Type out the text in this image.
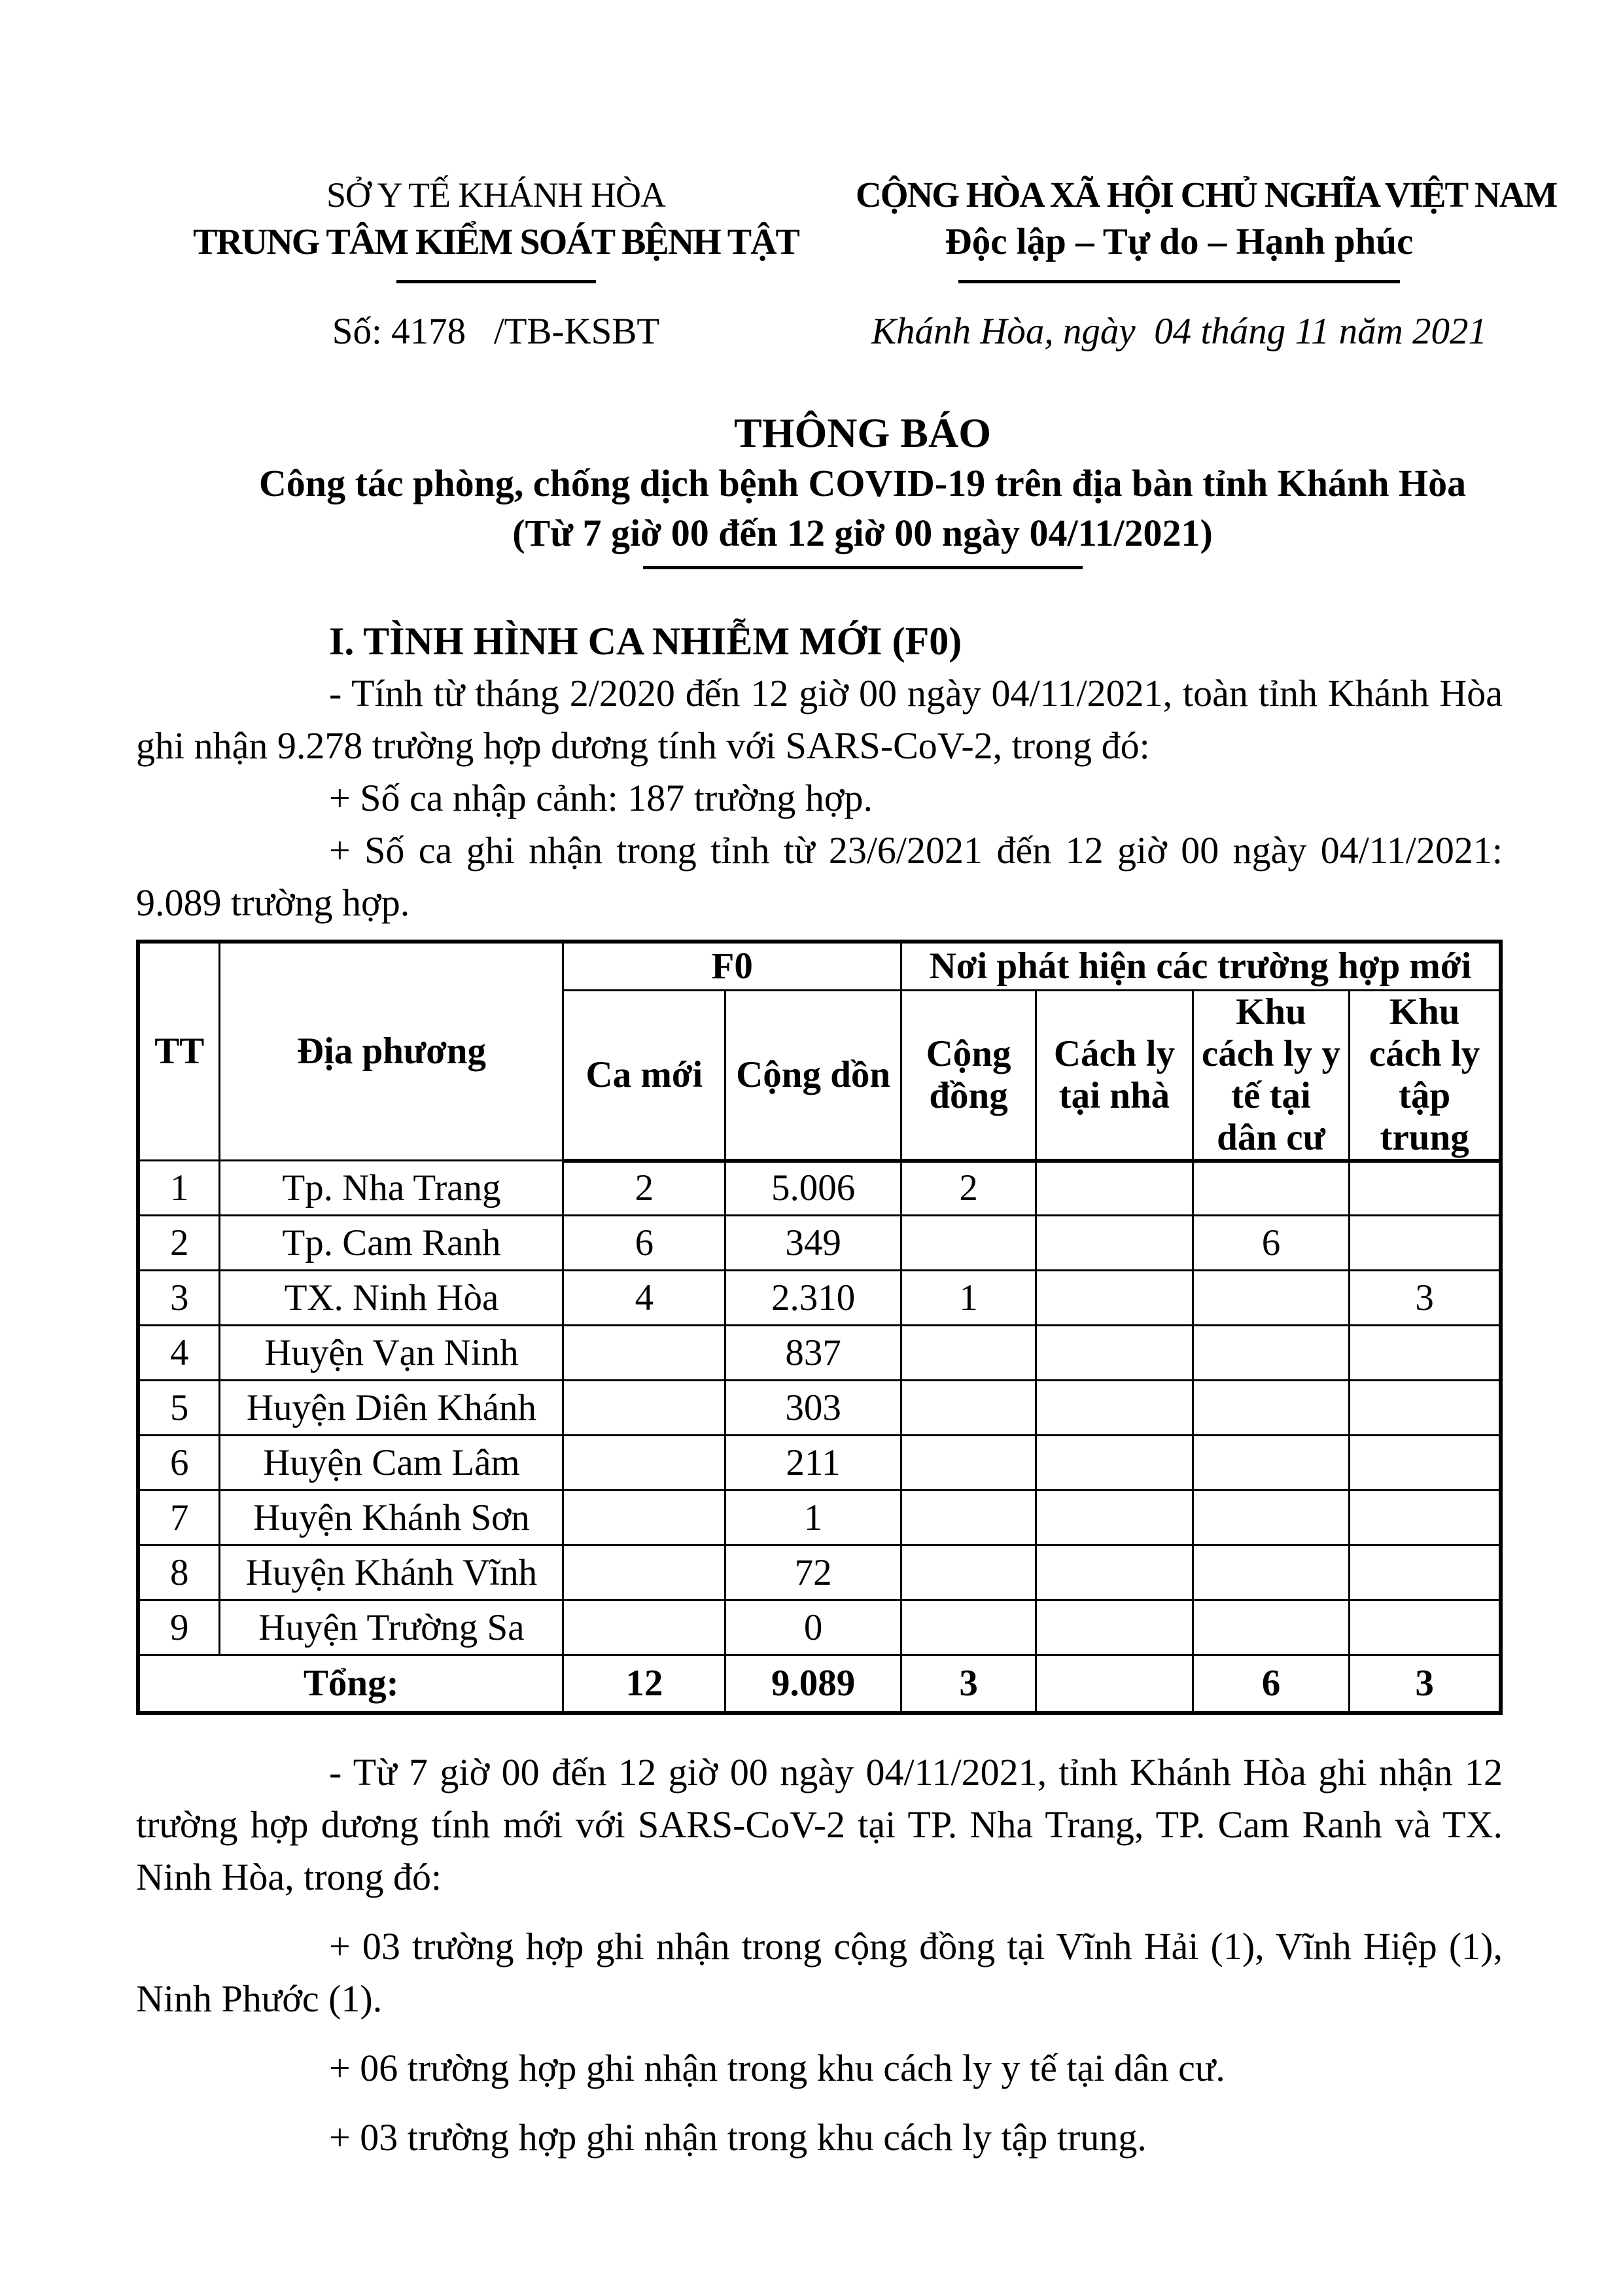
SỞ Y TẾ KHÁNH HÒA
TRUNG TÂM KIỂM SOÁT BỆNH TẬT
CỘNG HÒA XÃ HỘI CHỦ NGHĨA VIỆT NAM
Độc lập – Tự do – Hạnh phúc
Số: 4178   /TB-KSBT	Khánh Hòa, ngày  04 tháng 11 năm 2021
THÔNG BÁO
Công tác phòng, chống dịch bệnh COVID-19 trên địa bàn tỉnh Khánh Hòa
(Từ 7 giờ 00 đến 12 giờ 00 ngày 04/11/2021)
I. TÌNH HÌNH CA NHIỄM MỚI (F0)

- Tính từ tháng 2/2020 đến 12 giờ 00 ngày 04/11/2021, toàn tỉnh Khánh Hòa ghi nhận 9.278 trường hợp dương tính với SARS-CoV-2, trong đó:

+ Số ca nhập cảnh: 187 trường hợp.

+ Số ca ghi nhận trong tỉnh từ 23/6/2021 đến 12 giờ 00 ngày 04/11/2021: 9.089 trường hợp.

TT	Địa phương	F0		Nơi phát hiện các trường hợp mới			
		Ca mới	Cộng dồn	Cộng đồng	Cách ly tại nhà	Khu cách ly y tế tại dân cư	Khu cách ly tập trung
1	Tp. Nha Trang	2	5.006	2			
2	Tp. Cam Ranh	6	349			6	
3	TX. Ninh Hòa	4	2.310	1			3
4	Huyện Vạn Ninh		837				
5	Huyện Diên Khánh		303				
6	Huyện Cam Lâm		211				
7	Huyện Khánh Sơn		1				
8	Huyện Khánh Vĩnh		72				
9	Huyện Trường Sa		0				
Tổng:		12	9.089	3		6	3

- Từ 7 giờ 00 đến 12 giờ 00 ngày 04/11/2021, tỉnh Khánh Hòa ghi nhận 12 trường hợp dương tính mới với SARS-CoV-2 tại TP. Nha Trang, TP. Cam Ranh và TX. Ninh Hòa, trong đó:

+ 03 trường hợp ghi nhận trong cộng đồng tại Vĩnh Hải (1), Vĩnh Hiệp (1), Ninh Phước (1).

+ 06 trường hợp ghi nhận trong khu cách ly y tế tại dân cư.

+ 03 trường hợp ghi nhận trong khu cách ly tập trung.
